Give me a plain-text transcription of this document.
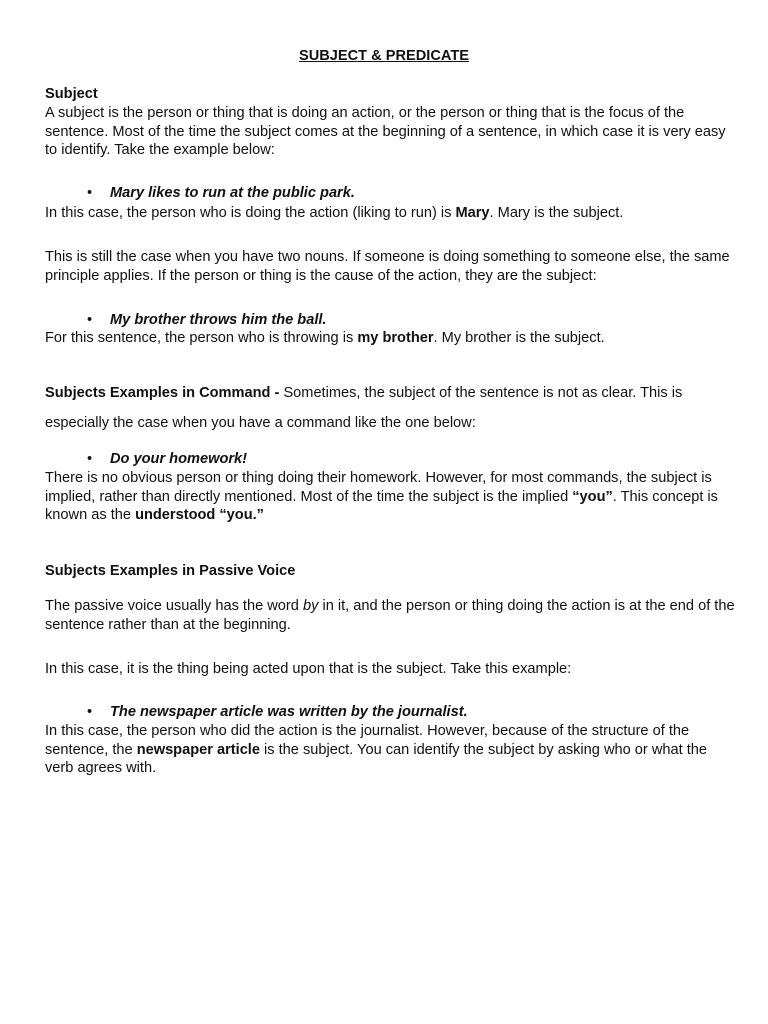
SUBJECT & PREDICATE
Subject

A subject is the person or thing that is doing an action, or the person or thing that is the focus of the sentence. Most of the time the subject comes at the beginning of a sentence, in which case it is very easy to identify. Take the example below:

• Mary likes to run at the public park.

In this case, the person who is doing the action (liking to run) is Mary. Mary is the subject.

This is still the case when you have two nouns. If someone is doing something to someone else, the same principle applies. If the person or thing is the cause of the action, they are the subject:

• My brother throws him the ball.

For this sentence, the person who is throwing is my brother. My brother is the subject.

Subjects Examples in Command - Sometimes, the subject of the sentence is not as clear. This is

especially the case when you have a command like the one below:

• Do your homework!

There is no obvious person or thing doing their homework. However, for most commands, the subject is implied, rather than directly mentioned. Most of the time the subject is the implied “you”. This concept is known as the understood “you.”

Subjects Examples in Passive Voice

The passive voice usually has the word by in it, and the person or thing doing the action is at the end of the sentence rather than at the beginning.

In this case, it is the thing being acted upon that is the subject. Take this example:

• The newspaper article was written by the journalist.

In this case, the person who did the action is the journalist. However, because of the structure of the sentence, the newspaper article is the subject. You can identify the subject by asking who or what the verb agrees with.
